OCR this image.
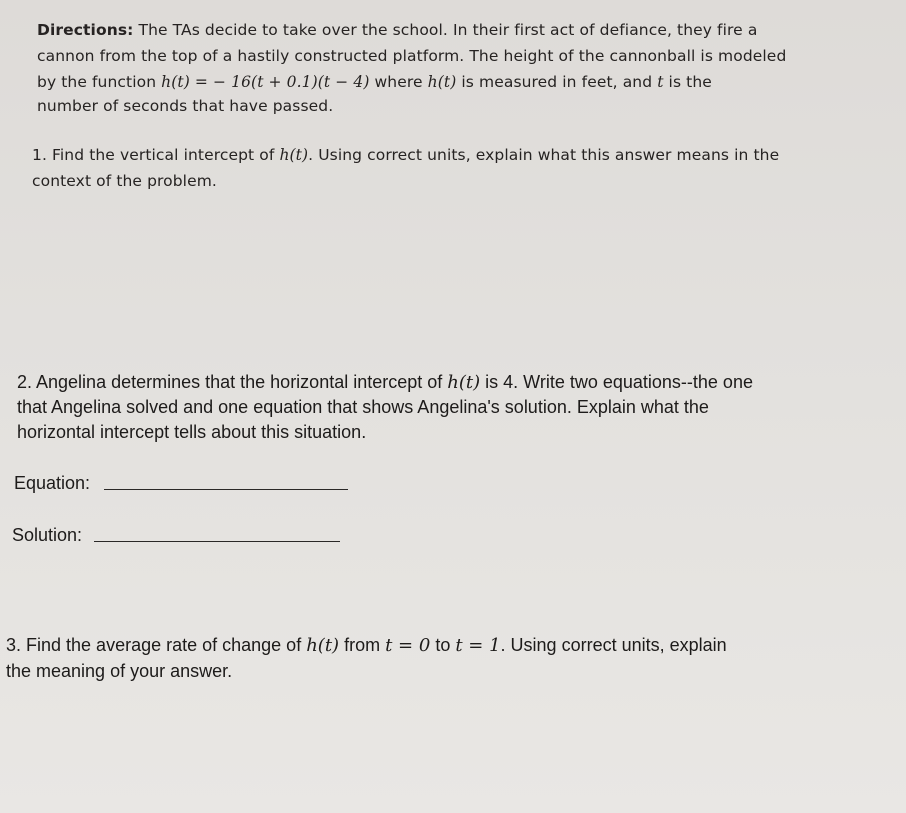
Directions: The TAs decide to take over the school. In their first act of defiance, they fire a
cannon from the top of a hastily constructed platform. The height of the cannonball is modeled
by the function h(t) = − 16(t + 0.1)(t − 4) where h(t) is measured in feet, and t is the
number of seconds that have passed.
1. Find the vertical intercept of h(t). Using correct units, explain what this answer means in the
context of the problem.
2. Angelina determines that the horizontal intercept of h(t) is 4. Write two equations--the one
that Angelina solved and one equation that shows Angelina's solution. Explain what the
horizontal intercept tells about this situation.
Equation:
Solution:
3. Find the average rate of change of h(t) from t = 0 to t = 1. Using correct units, explain
the meaning of your answer.
